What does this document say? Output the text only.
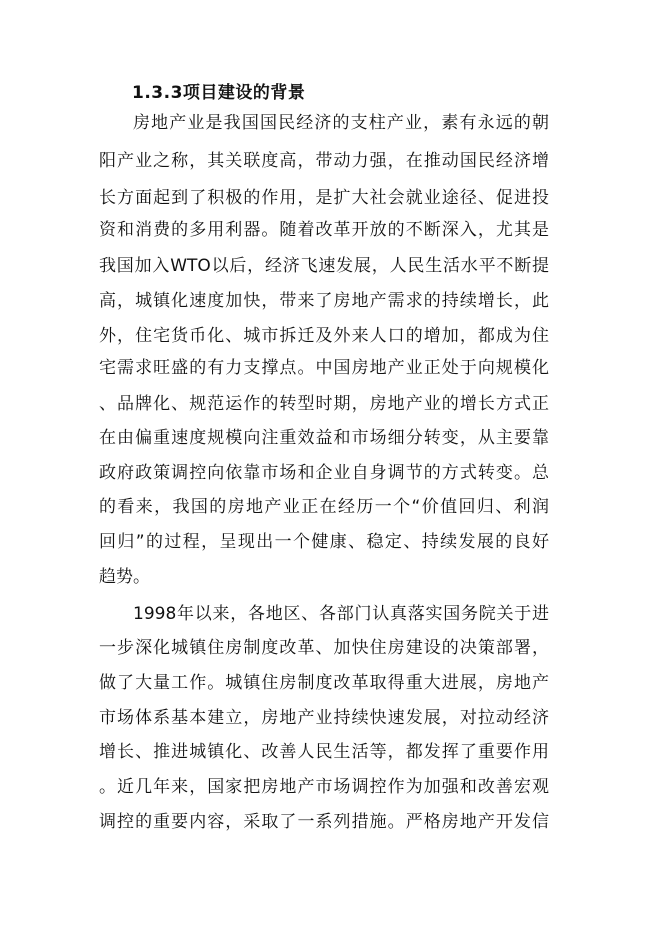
1.3.3项目建设的背景
房地产业是我国国民经济的支柱产业，素有永远的朝
阳产业之称，其关联度高，带动力强，在推动国民经济增
长方面起到了积极的作用，是扩大社会就业途径、促进投
资和消费的多用利器。随着改革开放的不断深入，尤其是
我国加入WTO以后，经济飞速发展，人民生活水平不断提
高，城镇化速度加快，带来了房地产需求的持续增长，此
外，住宅货币化、城市拆迁及外来人口的增加，都成为住
宅需求旺盛的有力支撑点。中国房地产业正处于向规模化
、品牌化、规范运作的转型时期，房地产业的增长方式正
在由偏重速度规模向注重效益和市场细分转变，从主要靠
政府政策调控向依靠市场和企业自身调节的方式转变。总
的看来，我国的房地产业正在经历一个“价值回归、利润
回归”的过程，呈现出一个健康、稳定、持续发展的良好
趋势。
1998年以来，各地区、各部门认真落实国务院关于进
一步深化城镇住房制度改革、加快住房建设的决策部署，
做了大量工作。城镇住房制度改革取得重大进展，房地产
市场体系基本建立，房地产业持续快速发展，对拉动经济
增长、推进城镇化、改善人民生活等，都发挥了重要作用
。近几年来，国家把房地产市场调控作为加强和改善宏观
调控的重要内容，采取了一系列措施。严格房地产开发信
